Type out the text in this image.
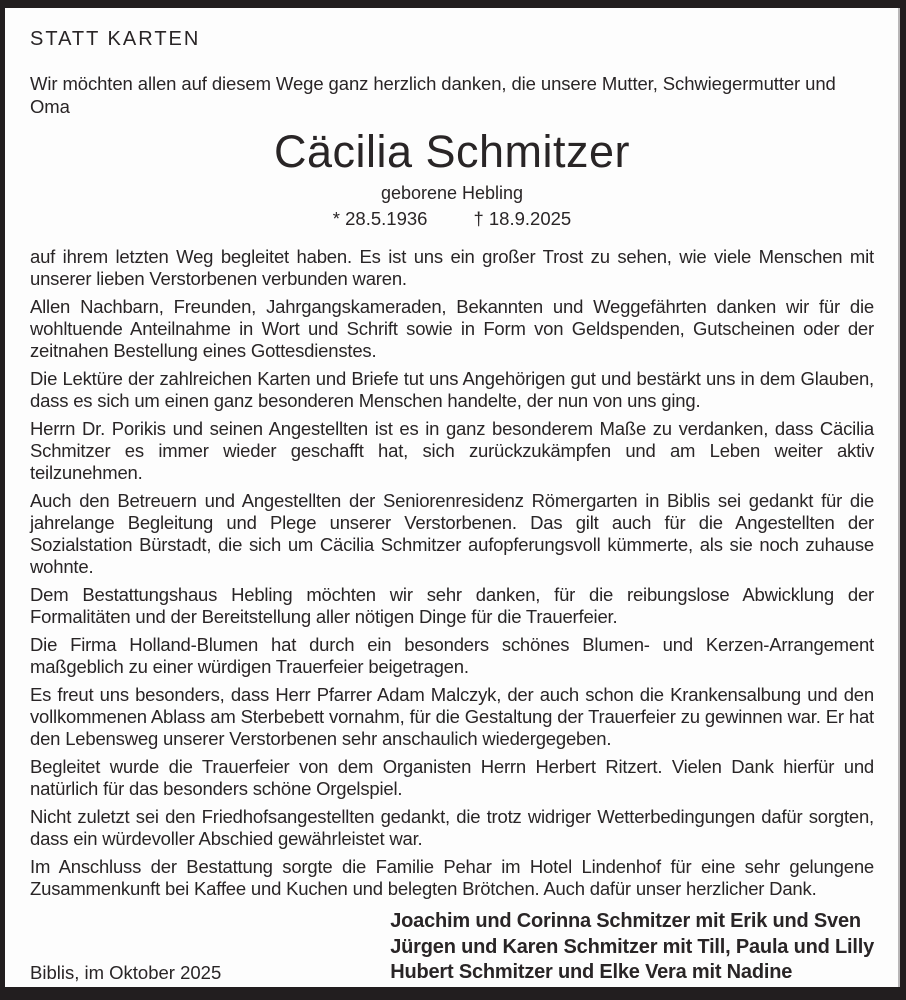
STATT KARTEN

Wir möchten allen auf diesem Wege ganz herzlich danken, die unsere Mutter, Schwiegermutter und Oma

Cäcilia Schmitzer
geborene Hebling
* 28.5.1936 † 18.9.2025

auf ihrem letzten Weg begleitet haben. Es ist uns ein großer Trost zu sehen, wie viele Menschen mit unserer lieben Verstorbenen verbunden waren.

Allen Nachbarn, Freunden, Jahrgangskameraden, Bekannten und Weggefährten danken wir für die wohltuende Anteilnahme in Wort und Schrift sowie in Form von Geldspenden, Gutscheinen oder der zeitnahen Bestellung eines Gottesdienstes.

Die Lektüre der zahlreichen Karten und Briefe tut uns Angehörigen gut und bestärkt uns in dem Glauben, dass es sich um einen ganz besonderen Menschen handelte, der nun von uns ging.

Herrn Dr. Porikis und seinen Angestellten ist es in ganz besonderem Maße zu verdanken, dass Cäcilia Schmitzer es immer wieder geschafft hat, sich zurückzukämpfen und am Leben weiter aktiv teilzunehmen.

Auch den Betreuern und Angestellten der Seniorenresidenz Römergarten in Biblis sei gedankt für die jahrelange Begleitung und Plege unserer Verstorbenen. Das gilt auch für die Angestellten der Sozialstation Bürstadt, die sich um Cäcilia Schmitzer aufopferungsvoll kümmerte, als sie noch zuhause wohnte.

Dem Bestattungshaus Hebling möchten wir sehr danken, für die reibungslose Abwicklung der Formalitäten und der Bereitstellung aller nötigen Dinge für die Trauerfeier.

Die Firma Holland-Blumen hat durch ein besonders schönes Blumen- und Kerzen-Arrangement maßgeblich zu einer würdigen Trauerfeier beigetragen.

Es freut uns besonders, dass Herr Pfarrer Adam Malczyk, der auch schon die Krankensalbung und den vollkommenen Ablass am Sterbebett vornahm, für die Gestaltung der Trauerfeier zu gewinnen war. Er hat den Lebensweg unserer Verstorbenen sehr anschaulich wiedergegeben.

Begleitet wurde die Trauerfeier von dem Organisten Herrn Herbert Ritzert. Vielen Dank hierfür und natürlich für das besonders schöne Orgelspiel.

Nicht zuletzt sei den Friedhofsangestellten gedankt, die trotz widriger Wetterbedingungen dafür sorgten, dass ein würdevoller Abschied gewährleistet war.

Im Anschluss der Bestattung sorgte die Familie Pehar im Hotel Lindenhof für eine sehr gelungene Zusammenkunft bei Kaffee und Kuchen und belegten Brötchen. Auch dafür unser herzlicher Dank.

Biblis, im Oktober 2025
Joachim und Corinna Schmitzer mit Erik und Sven
Jürgen und Karen Schmitzer mit Till, Paula und Lilly
Hubert Schmitzer und Elke Vera mit Nadine
